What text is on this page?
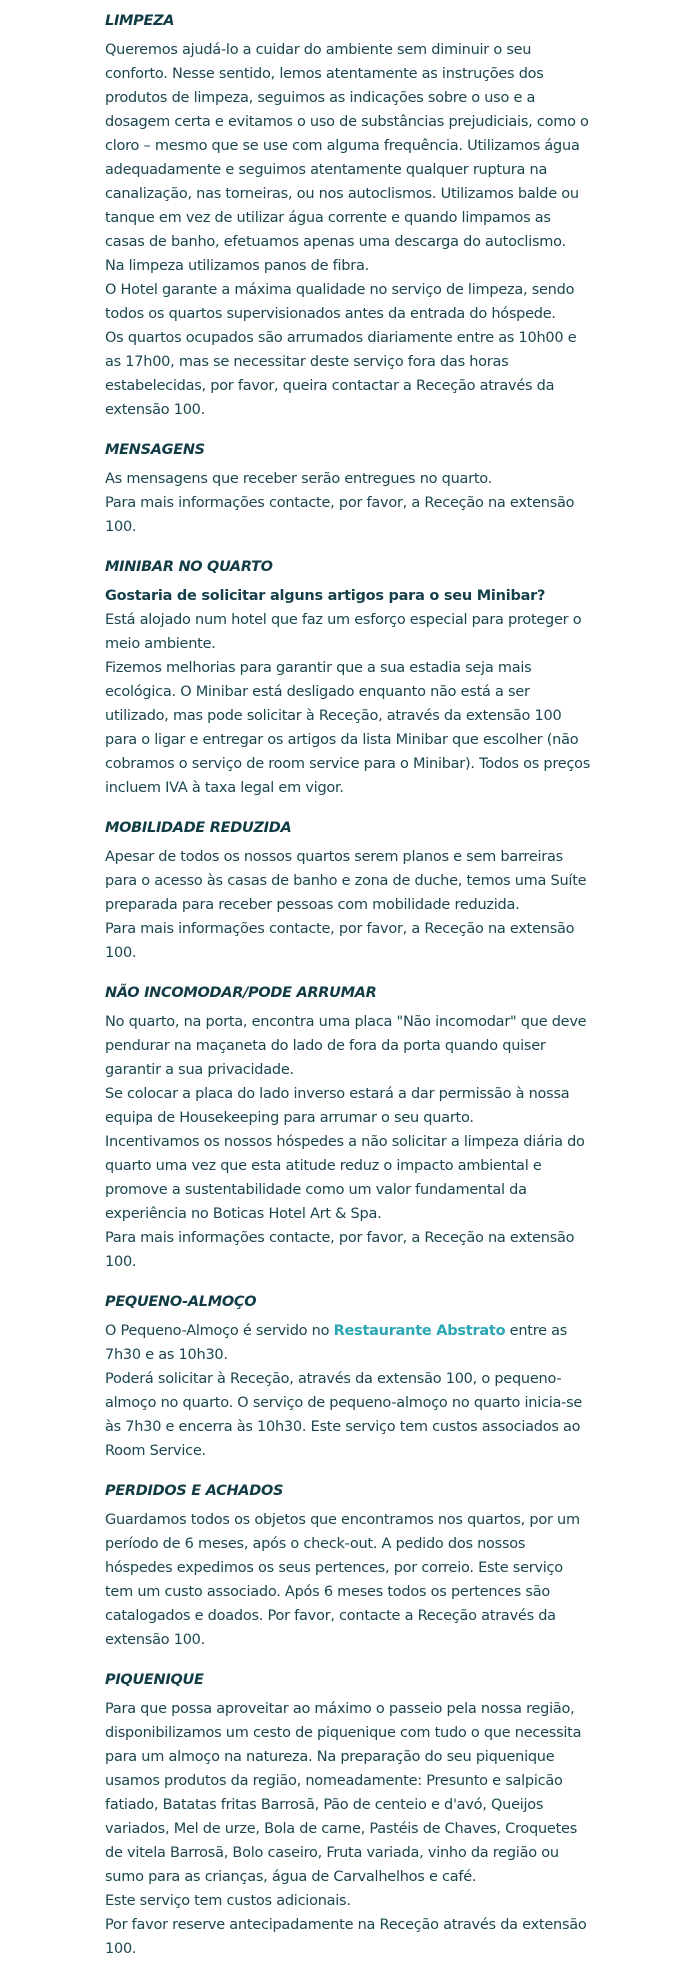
LIMPEZA

Queremos ajudá-lo a cuidar do ambiente sem diminuir o seu conforto. Nesse sentido, lemos atentamente as instruções dos produtos de limpeza, seguimos as indicações sobre o uso e a dosagem certa e evitamos o uso de substâncias prejudiciais, como o cloro – mesmo que se use com alguma frequência. Utilizamos água adequadamente e seguimos atentamente qualquer ruptura na canalização, nas torneiras, ou nos autoclismos. Utilizamos balde ou tanque em vez de utilizar água corrente e quando limpamos as casas de banho, efetuamos apenas uma descarga do autoclismo.

Na limpeza utilizamos panos de fibra.

O Hotel garante a máxima qualidade no serviço de limpeza, sendo todos os quartos supervisionados antes da entrada do hóspede.

Os quartos ocupados são arrumados diariamente entre as 10h00 e as 17h00, mas se necessitar deste serviço fora das horas estabelecidas, por favor, queira contactar a Receção através da extensão 100.

MENSAGENS

As mensagens que receber serão entregues no quarto.

Para mais informações contacte, por favor, a Receção na extensão 100.

MINIBAR NO QUARTO

Gostaria de solicitar alguns artigos para o seu Minibar?

Está alojado num hotel que faz um esforço especial para proteger o meio ambiente.

Fizemos melhorias para garantir que a sua estadia seja mais ecológica. O Minibar está desligado enquanto não está a ser utilizado, mas pode solicitar à Receção, através da extensão 100 para o ligar e entregar os artigos da lista Minibar que escolher (não cobramos o serviço de room service para o Minibar). Todos os preços incluem IVA à taxa legal em vigor.

MOBILIDADE REDUZIDA

Apesar de todos os nossos quartos serem planos e sem barreiras para o acesso às casas de banho e zona de duche, temos uma Suíte preparada para receber pessoas com mobilidade reduzida.

Para mais informações contacte, por favor, a Receção na extensão 100.

NÃO INCOMODAR/PODE ARRUMAR

No quarto, na porta, encontra uma placa "Não incomodar" que deve pendurar na maçaneta do lado de fora da porta quando quiser garantir a sua privacidade.

Se colocar a placa do lado inverso estará a dar permissão à nossa equipa de Housekeeping para arrumar o seu quarto.

Incentivamos os nossos hóspedes a não solicitar a limpeza diária do quarto uma vez que esta atitude reduz o impacto ambiental e promove a sustentabilidade como um valor fundamental da experiência no Boticas Hotel Art & Spa.

Para mais informações contacte, por favor, a Receção na extensão 100.

PEQUENO-ALMOÇO

O Pequeno-Almoço é servido no Restaurante Abstrato entre as 7h30 e as 10h30.

Poderá solicitar à Receção, através da extensão 100, o pequeno-almoço no quarto. O serviço de pequeno-almoço no quarto inicia-se às 7h30 e encerra às 10h30. Este serviço tem custos associados ao Room Service.

PERDIDOS E ACHADOS

Guardamos todos os objetos que encontramos nos quartos, por um período de 6 meses, após o check-out. A pedido dos nossos hóspedes expedimos os seus pertences, por correio. Este serviço tem um custo associado. Após 6 meses todos os pertences são catalogados e doados. Por favor, contacte a Receção através da extensão 100.

PIQUENIQUE

Para que possa aproveitar ao máximo o passeio pela nossa região, disponibilizamos um cesto de piquenique com tudo o que necessita para um almoço na natureza. Na preparação do seu piquenique usamos produtos da região, nomeadamente: Presunto e salpicão fatiado, Batatas fritas Barrosã, Pão de centeio e d'avó, Queijos variados, Mel de urze, Bola de carne, Pastéis de Chaves, Croquetes de vitela Barrosã, Bolo caseiro, Fruta variada, vinho da região ou sumo para as crianças, água de Carvalhelhos e café.

Este serviço tem custos adicionais.

Por favor reserve antecipadamente na Receção através da extensão 100.
